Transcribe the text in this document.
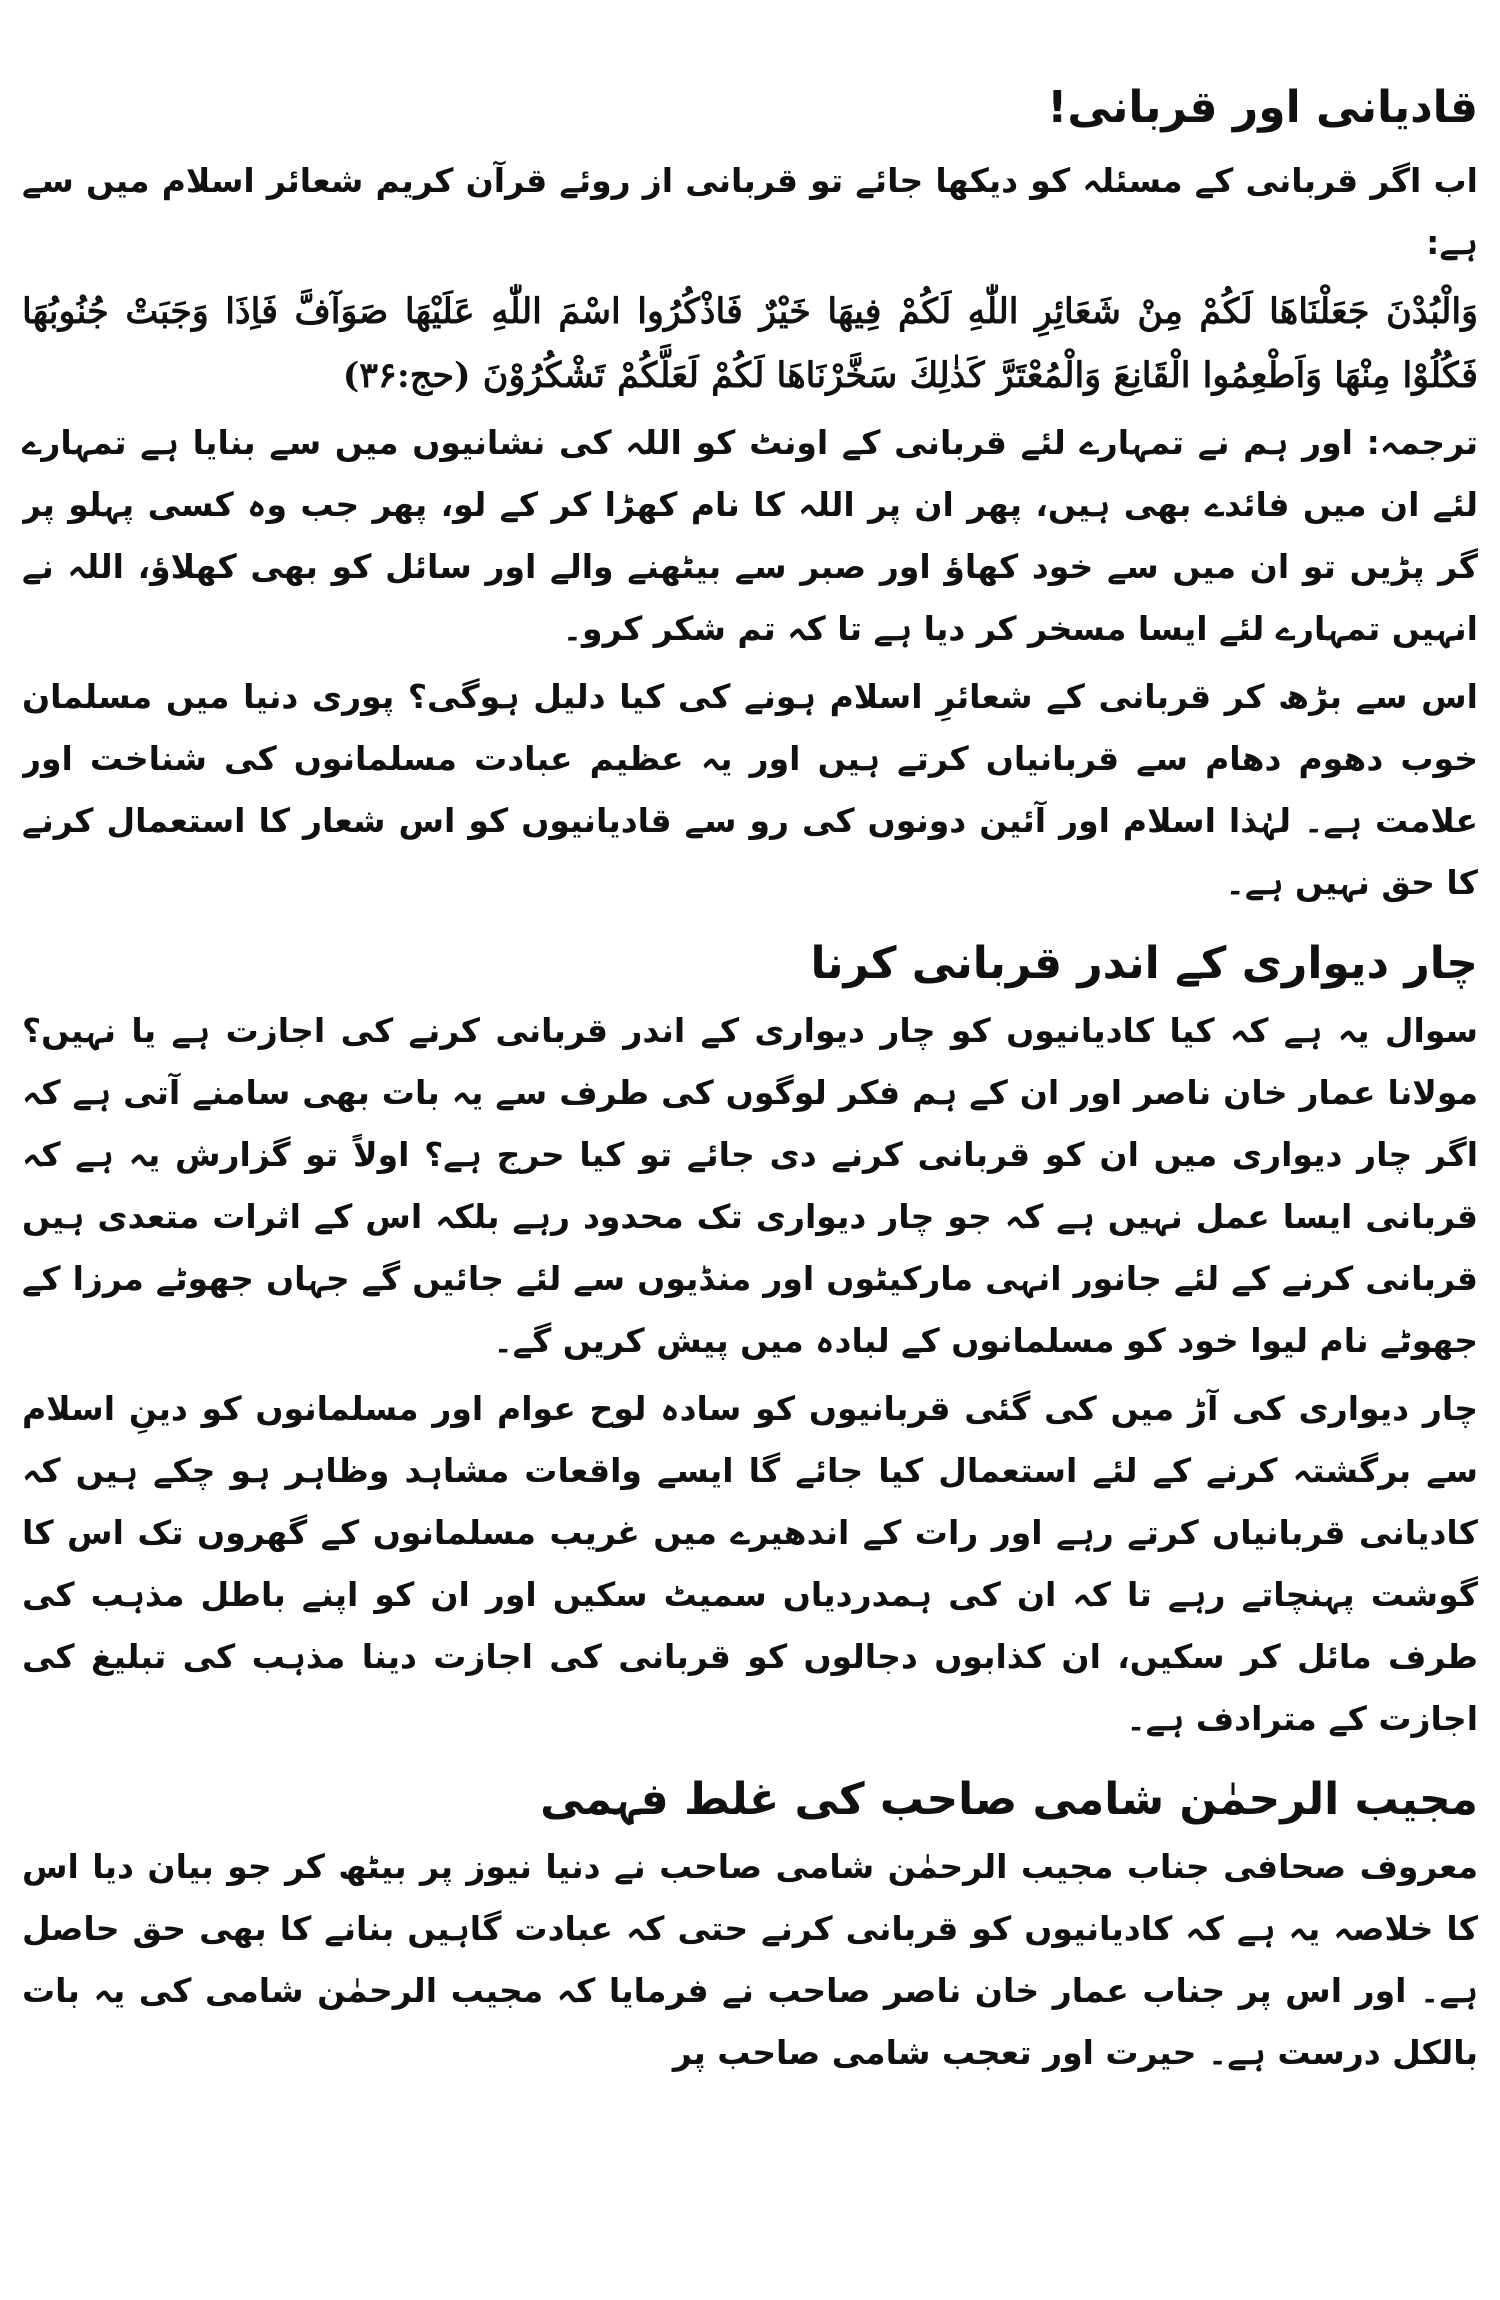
قادیانی اور قربانی!

اب اگر قربانی کے مسئلہ کو دیکھا جائے تو قربانی از روئے قرآن کریم شعائر اسلام میں سے ہے:

وَالْبُدْنَ جَعَلْنَاهَا لَكُمْ مِنْ شَعَائِرِ اللّٰهِ لَكُمْ فِيهَا خَيْرٌ فَاذْكُرُوا اسْمَ اللّٰهِ عَلَيْهَا صَوَآفَّ فَاِذَا وَجَبَتْ جُنُوبُهَا فَكُلُوْا مِنْهَا وَاَطْعِمُوا الْقَانِعَ وَالْمُعْتَرَّ كَذٰلِكَ سَخَّرْنَاهَا لَكُمْ لَعَلَّكُمْ تَشْكُرُوْنَ (حج:۳۶)

ترجمہ: اور ہم نے تمہارے لئے قربانی کے اونٹ کو اللہ کی نشانیوں میں سے بنایا ہے تمہارے لئے ان میں فائدے بھی ہیں، پھر ان پر اللہ کا نام کھڑا کر کے لو، پھر جب وہ کسی پہلو پر گر پڑیں تو ان میں سے خود کھاؤ اور صبر سے بیٹھنے والے اور سائل کو بھی کھلاؤ، اللہ نے انہیں تمہارے لئے ایسا مسخر کر دیا ہے تا کہ تم شکر کرو۔

اس سے بڑھ کر قربانی کے شعائرِ اسلام ہونے کی کیا دلیل ہوگی؟ پوری دنیا میں مسلمان خوب دھوم دھام سے قربانیاں کرتے ہیں اور یہ عظیم عبادت مسلمانوں کی شناخت اور علامت ہے۔ لہٰذا اسلام اور آئین دونوں کی رو سے قادیانیوں کو اس شعار کا استعمال کرنے کا حق نہیں ہے۔

چار دیواری کے اندر قربانی کرنا

سوال یہ ہے کہ کیا کادیانیوں کو چار دیواری کے اندر قربانی کرنے کی اجازت ہے یا نہیں؟ مولانا عمار خان ناصر اور ان کے ہم فکر لوگوں کی طرف سے یہ بات بھی سامنے آتی ہے کہ اگر چار دیواری میں ان کو قربانی کرنے دی جائے تو کیا حرج ہے؟ اولاً تو گزارش یہ ہے کہ قربانی ایسا عمل نہیں ہے کہ جو چار دیواری تک محدود رہے بلکہ اس کے اثرات متعدی ہیں قربانی کرنے کے لئے جانور انہی مارکیٹوں اور منڈیوں سے لئے جائیں گے جہاں جھوٹے مرزا کے جھوٹے نام لیوا خود کو مسلمانوں کے لبادہ میں پیش کریں گے۔

چار دیواری کی آڑ میں کی گئی قربانیوں کو سادہ لوح عوام اور مسلمانوں کو دینِ اسلام سے برگشتہ کرنے کے لئے استعمال کیا جائے گا ایسے واقعات مشاہد وظاہر ہو چکے ہیں کہ کادیانی قربانیاں کرتے رہے اور رات کے اندھیرے میں غریب مسلمانوں کے گھروں تک اس کا گوشت پہنچاتے رہے تا کہ ان کی ہمدردیاں سمیٹ سکیں اور ان کو اپنے باطل مذہب کی طرف مائل کر سکیں، ان کذابوں دجالوں کو قربانی کی اجازت دینا مذہب کی تبلیغ کی اجازت کے مترادف ہے۔

مجیب الرحمٰن شامی صاحب کی غلط فہمی

معروف صحافی جناب مجیب الرحمٰن شامی صاحب نے دنیا نیوز پر بیٹھ کر جو بیان دیا اس کا خلاصہ یہ ہے کہ کادیانیوں کو قربانی کرنے حتی کہ عبادت گاہیں بنانے کا بھی حق حاصل ہے۔ اور اس پر جناب عمار خان ناصر صاحب نے فرمایا کہ مجیب الرحمٰن شامی کی یہ بات بالکل درست ہے۔ حیرت اور تعجب شامی صاحب پر
